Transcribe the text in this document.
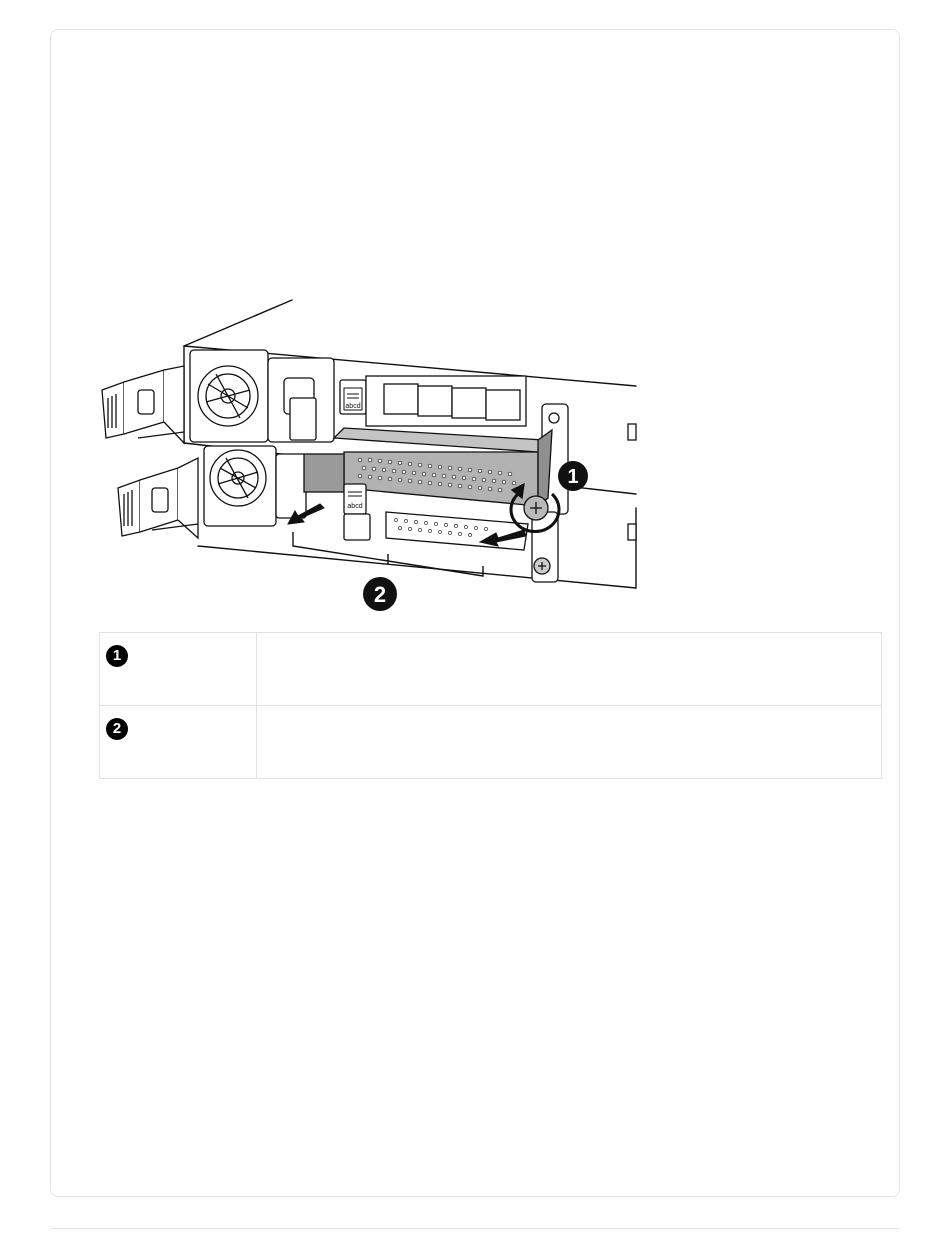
abcd
abcd
1
2
1	
2	
